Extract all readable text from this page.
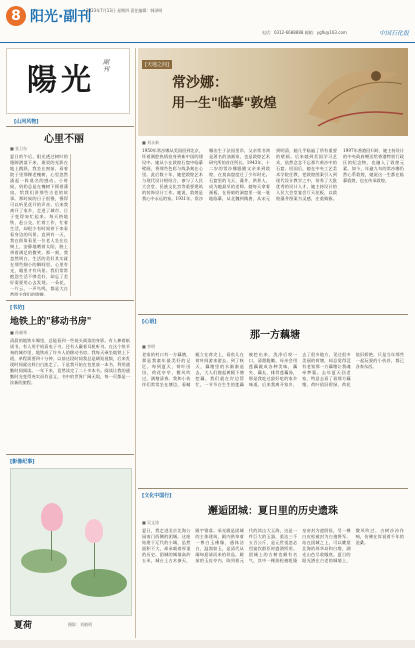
8 阳光·副刊
2023年7月13日 星期四 责任编辑：韩泽明
电话：0312-6688888 邮箱：ygfk@163.com	中国石化报
陽光
副刊
[山河风物]
心里不丽
■ 张卫东
夏日的午后，阳光透过树叶的缝隙洒落下来，斑驳的光影在地上跳跃。我坐在窗前，看着院子里那棵老槐树，心里忽然涌起一阵莫名的感动。小时候，奶奶总是在槐树下摇着蒲扇，给我们讲那些古老的故事。那时候的日子很慢，慢得可以听见花开的声音。后来我离开了家乡，走进了城市，日子变得匆忙起来。每天挤地铁、赶公交，忙着工作，忙着生活，却很少有时间停下来看看身边的风景。直到有一天，我在街角看见一位老人坐在长椅上，安静地晒着太阳，脸上带着满足的微笑。那一刻，我忽然明白，生活的美好其实就在那些细小的瞬间里。心里有光，眼里才有风景。我们常常抱怨生活不够美好，却忘了美好需要用心去发现。一朵花，一片云，一声鸟鸣，都是大自然给予我们的馈赠。
[书坊]
地铁上的"移动书房"
■ 孙晓琴
清晨的地铁车厢里，总能看到一些低头阅读的身影。有人捧着纸质书，有人用手机看电子书，还有人戴着耳机听书。在这个快节奏的城市里，地铁成了许多人的移动书房。我每天乘坐地铁上下班，单程需要四十分钟。以前这段时间我总是刷短视频，后来发现时间就这样白白流走了。于是我开始在包里放一本书，利用通勤时间阅读。一年下来，竟然读完了二十多本书。阅读让我的通勤时光变得充实而有意义。书中的世界广阔无垠，每一页都是一次新的旅程。
[影像纪事]
夏荷	摄影：刘晓明
[天地之间]
常沙娜：
用一生"临摹"敦煌
■ 刘永新
1950年常沙娜从美国回到北京，怀着满腔热情投身到新中国的建设中。她从小在敦煌石窟中临摹壁画，将那些色彩与线条刻在心里。此后数十年，她把敦煌艺术与现代设计相结合，参与了人民大会堂、民族文化宫等重要建筑的装饰设计工作。她说，敦煌是我心中永远的家。1931年，常沙娜出生于法国里昂，父亲常书鸿是著名的油画家，也是敦煌艺术研究所的首任所长。1943年，十二岁的常沙娜跟随父亲来到敦煌，在莫高窟度过了少年时光。石窟里的飞天、藻井、供养人，成为她最早的老师。她每天拿着画板，在昏暗的洞窟里一笔一笔地临摹，从北魏到隋唐，从宋元到明清，她几乎临遍了所有重要的壁画。后来她到美国学习艺术，依然念念不忘那片黄沙中的石窟。回国后，她在中央工艺美术学院任教，把敦煌图案引入到现代设计教学之中，培养了大批优秀的设计人才。她主持设计的人民大会堂宴会厅天花板，以敦煌藻井图案为灵感，庄重典雅。1997年香港回归时，她主持设计的中央政府赠送给香港特别行政区的纪念物，也融入了敦煌元素。如今，年逾九旬的常沙娜仍然心系敦煌，她说这一生都在临摹敦煌，也在传承敦煌。
[心语]
那一方藕塘
■ 李明
老家的村口有一方藕塘，那是我童年最美好的记忆。每到夏天，荷叶田田，荷花亭亭，微风吹过，满塘清香。我和小伙伴们常常坐在塘边，看蜻蜓立在荷尖上，看鱼儿在荷叶间游来游去。到了秋天，藕塘里的水渐渐退去，大人们挽起裤腿下塘挖藕，我们就在岸边帮忙，一节节白生生的莲藕被挖出来，洗净后咬一口，清甜脆嫩。母亲会用莲藕做成各种美味，藕夹、藕丸、排骨莲藕汤，那是我吃过最好吃的家乡味道。后来我离开家乡，去了很多地方，见过很多美丽的荷塘，却总觉得没有老家那一方藕塘让我魂牵梦萦。去年夏天回老家，特意去看了看那方藕塘，荷叶依旧碧绿，荷花依旧娇艳，只是当年那些一起玩耍的小伙伴，都已各奔东西。
[文化中国行]
邂逅团城：夏日里的历史遗珠
■ 吴文涛
夏日，我走进北京北海公园南门西侧的团城。这座始建于辽代的小城，虽然面积不大，却承载着厚重的历史。团城的城墙高约五米，城台上古木参天，殿宇错落。承光殿是团城的主体建筑，殿内供奉着一尊白玉佛像，通体洁白，温润如玉，是清代从缅甸迎请而来的珍品。殿前的玉瓮亭内，陈列着元代的渎山大玉海，这是一件巨大的玉器，重达三千五百公斤，是元世祖忽必烈宴饮群臣时盛酒所用。团城上的古树也颇有名气，其中一棵油松被乾隆皇帝封为遮阴侯，另一棵白皮松被封为白袍将军。站在团城之上，可以眺望北海的琼华岛和白塔，湖光山色尽收眼底。夏日的阳光洒在古老的城墙上，微风吹过，古树沙沙作响，仿佛在诉说着千年的沧桑。
